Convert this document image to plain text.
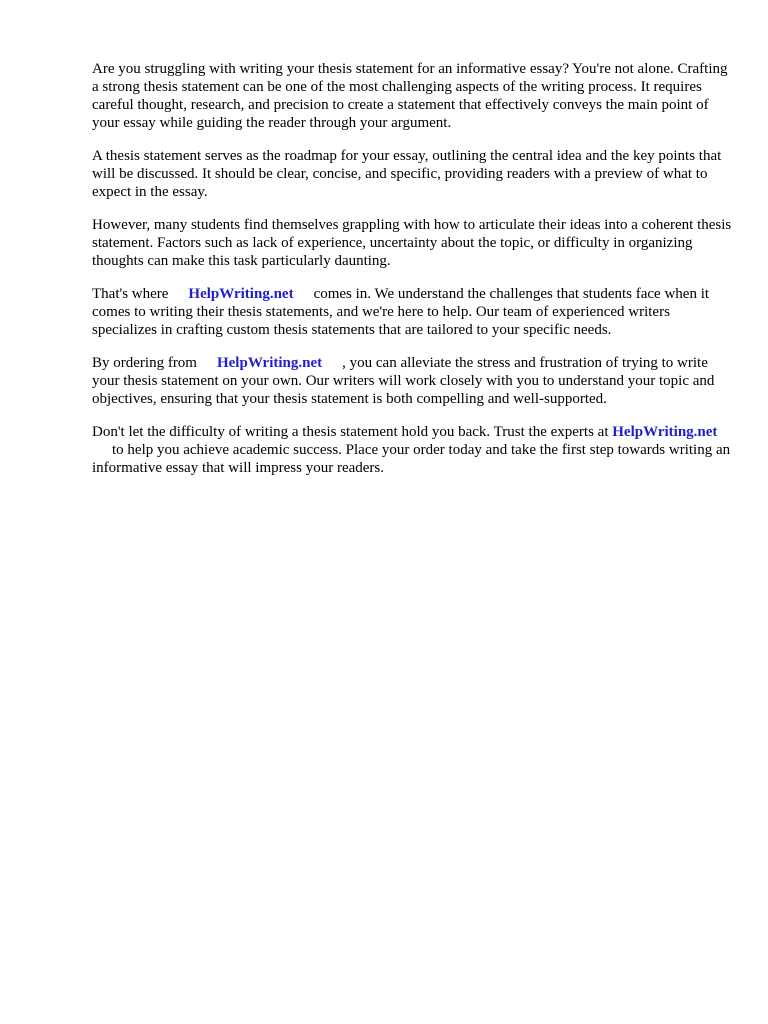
Are you struggling with writing your thesis statement for an informative essay? You're not alone. Crafting a strong thesis statement can be one of the most challenging aspects of the writing process. It requires careful thought, research, and precision to create a statement that effectively conveys the main point of your essay while guiding the reader through your argument.

A thesis statement serves as the roadmap for your essay, outlining the central idea and the key points that will be discussed. It should be clear, concise, and specific, providing readers with a preview of what to expect in the essay.

However, many students find themselves grappling with how to articulate their ideas into a coherent thesis statement. Factors such as lack of experience, uncertainty about the topic, or difficulty in organizing thoughts can make this task particularly daunting.

That's where HelpWriting.net comes in. We understand the challenges that students face when it comes to writing their thesis statements, and we're here to help. Our team of experienced writers specializes in crafting custom thesis statements that are tailored to your specific needs.

By ordering from HelpWriting.net , you can alleviate the stress and frustration of trying to write your thesis statement on your own. Our writers will work closely with you to understand your topic and objectives, ensuring that your thesis statement is both compelling and well-supported.

Don't let the difficulty of writing a thesis statement hold you back. Trust the experts at HelpWriting.netto help you achieve academic success. Place your order today and take the first step towards writing an informative essay that will impress your readers.
